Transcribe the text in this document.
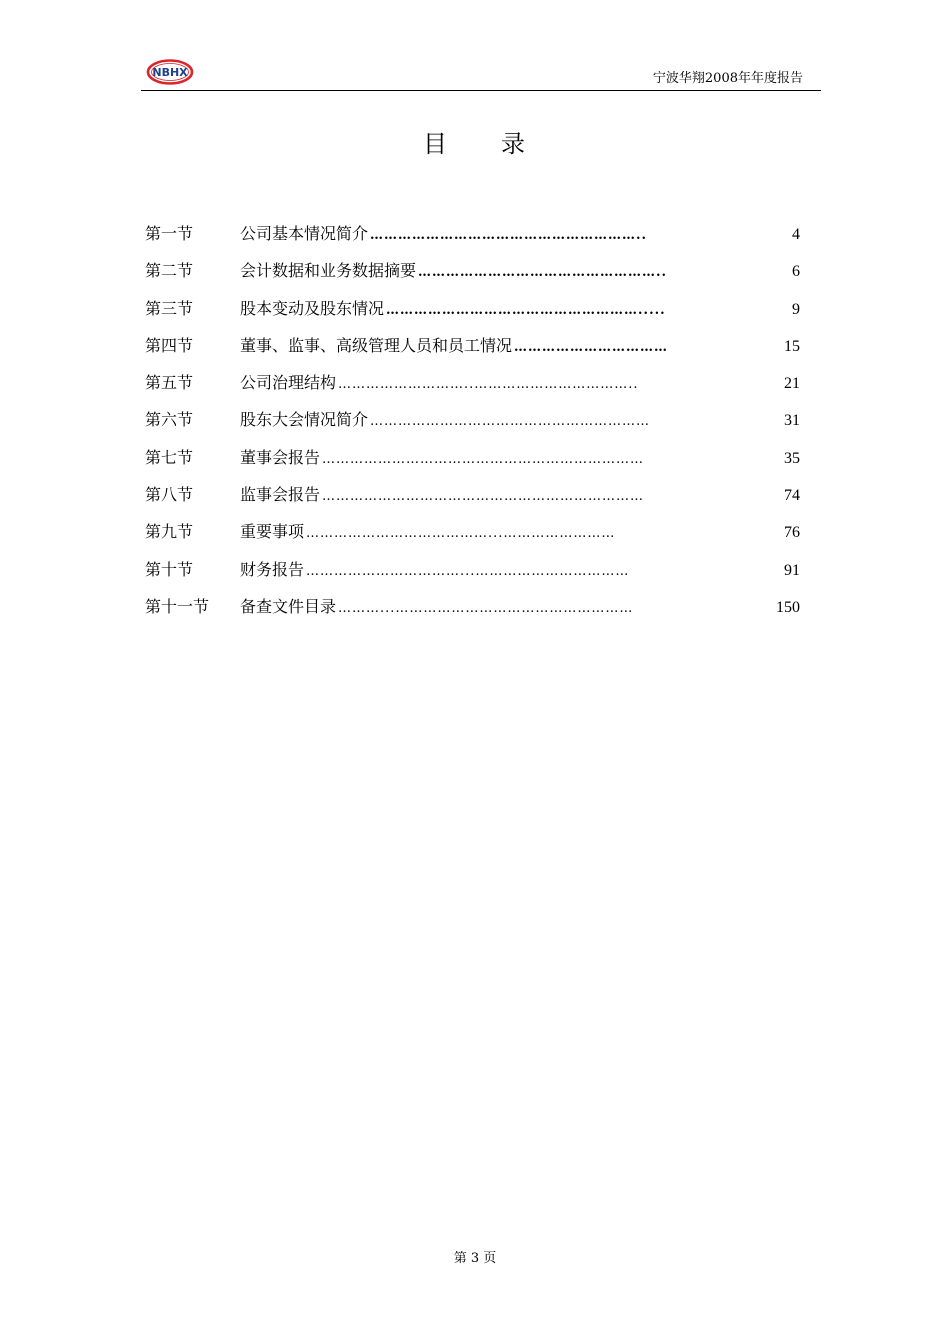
NBHX	宁波华翔2008年年度报告
目 录
第一节	公司基本情况简介 …………………………………………………..	4
第二节	会计数据和业务数据摘要 ……………………………………………..	6
第三节	股本变动及股东情况 ……………………………………………….....	9
第四节	董事、监事、高级管理人员和员工情况 ……………………………	15
第五节	公司治理结构 ………………………..……………………………..	21
第六节	股东大会情况简介 ……………………………………………………	31
第七节	董事会报告 ……………………………………………………………	35
第八节	监事会报告 ……………………………………………………………	74
第九节	重要事项 …………………………………...……………………	76
第十节	财务报告 ……………………………...……………………………	91
第十一节	备查文件目录 ………...……………………………………………	150
第 3 页
